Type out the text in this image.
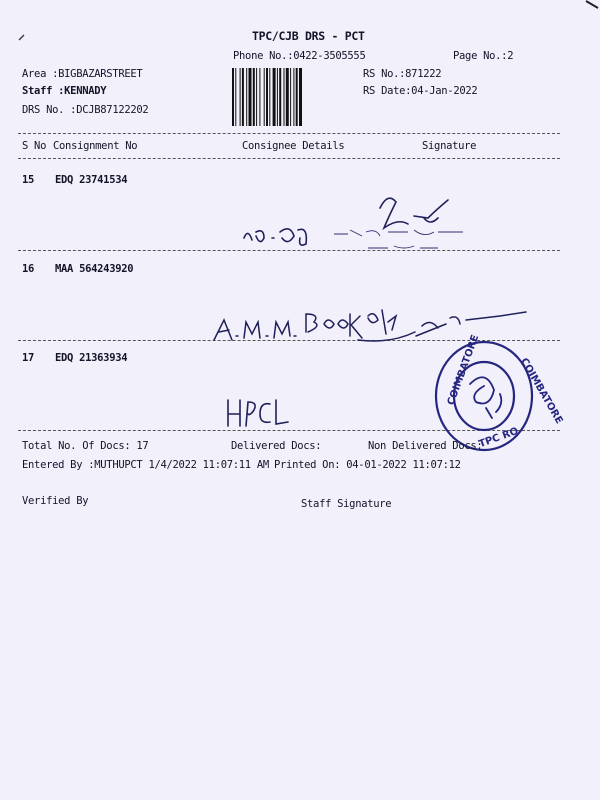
TPC/CJB DRS - PCT
Phone No.:0422-3505555	Page No.:2
Area :BIGBAZARSTREET
Staff :KENNADY
DRS No. :DCJB87122202
RS No.:871222
RS Date:04-Jan-2022
S No Consignment No	Consignee Details	Signature
15 EDQ 23741534
16 MAA 564243920
17 EDQ 21363934	COIMBATORE	COIMBATORE
TPC RO
Total No. Of Docs: 17	Delivered Docs:	Non Delivered Docs:
Entered By :MUTHUPCT 1/4/2022 11:07:11 AM Printed On: 04-01-2022 11:07:12
Verified By	Staff Signature
